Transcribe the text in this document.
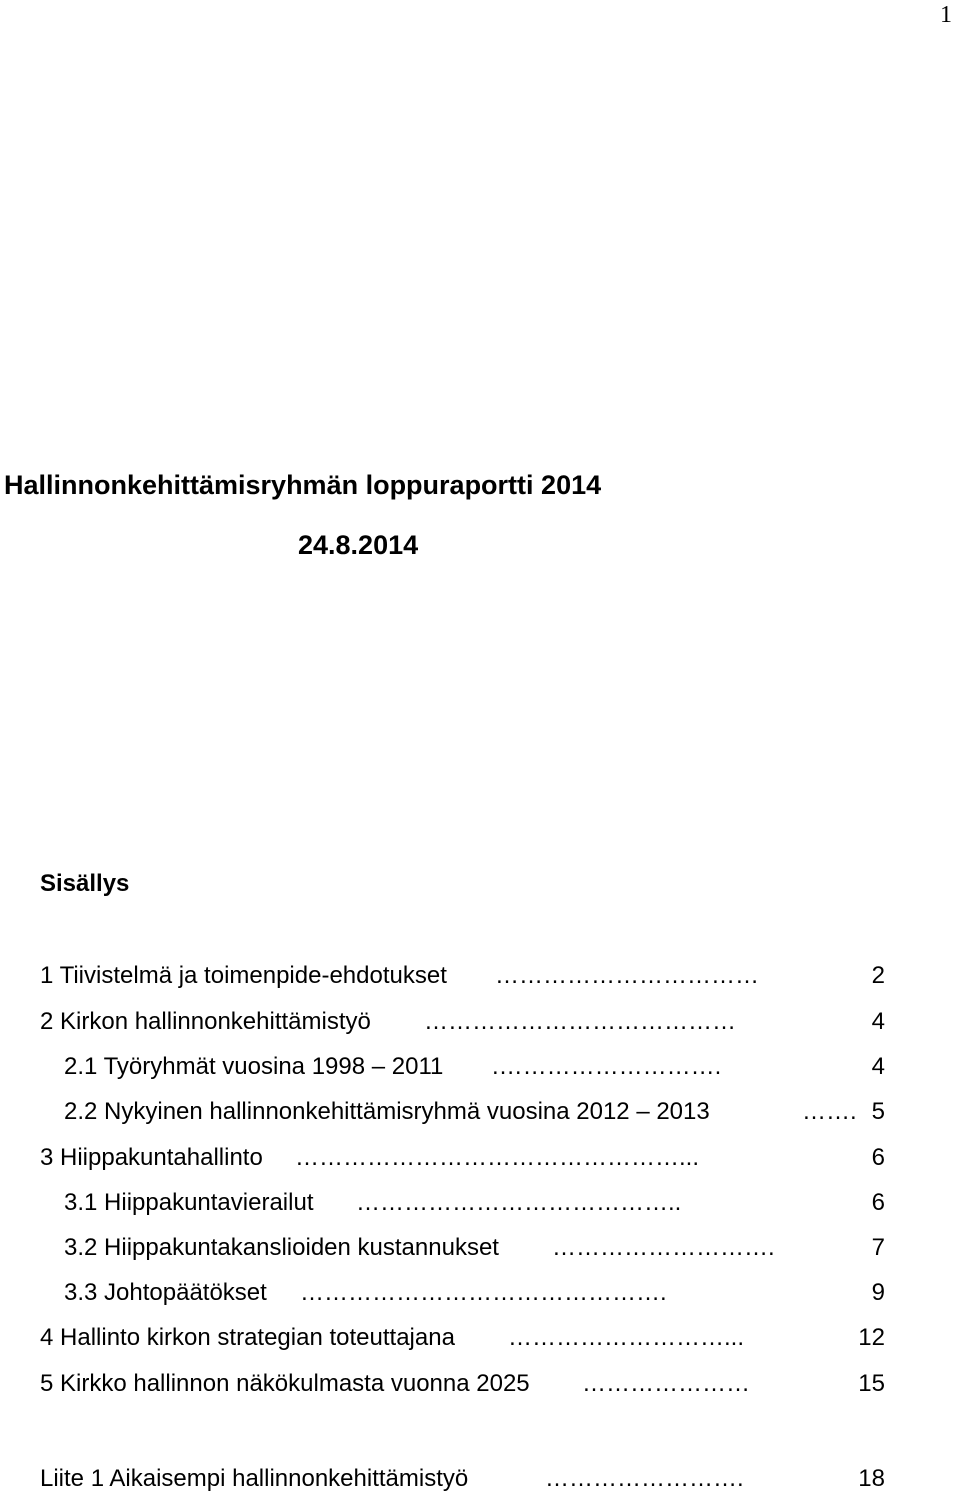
1
Hallinnonkehittämisryhmän loppuraportti 2014
24.8.2014
Sisällys
1 Tiivistelmä ja toimenpide-ehdotukset ……………………………	2
2 Kirkon hallinnonkehittämistyö …………………………………	4
2.1 Työryhmät vuosina 1998 – 2011 .……………………….	4
2.2 Nykyinen hallinnonkehittämisryhmä vuosina 2012 – 2013	……. 5
3 Hiippakuntahallinto …………………………………………...	6
3.1 Hiippakuntavierailut …………………………………..	6
3.2 Hiippakuntakanslioiden kustannukset ……………………….	7
3.3 Johtopäätökset ……………………………………….	9
4 Hallinto kirkon strategian toteuttajana ………………………...	12
5 Kirkko hallinnon näkökulmasta vuonna 2025 …………………	15
Liite 1 Aikaisempi hallinnonkehittämistyö	…………………….	18
